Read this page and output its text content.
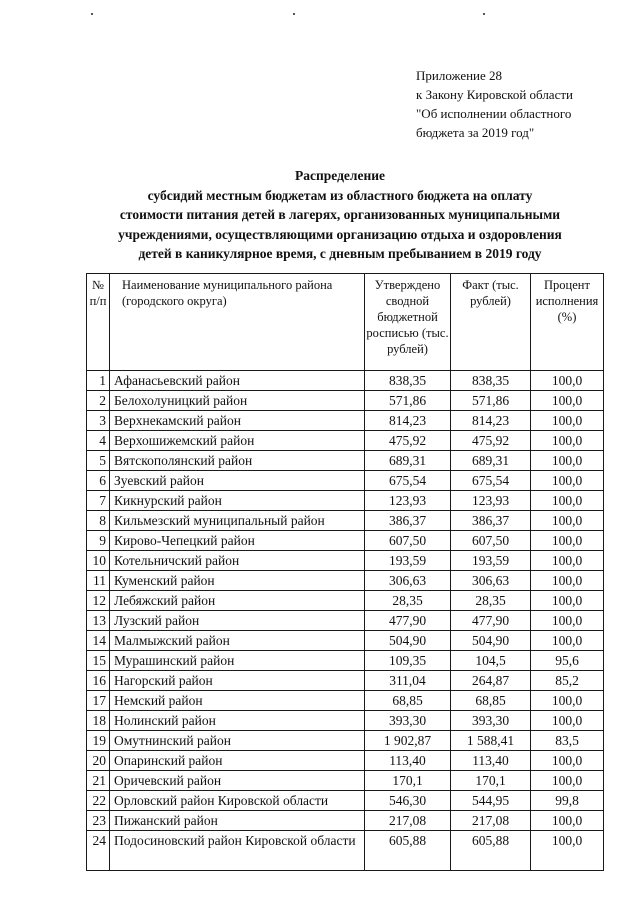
Приложение 28
к Закону Кировской области
"Об исполнении областного
бюджета за 2019 год"
Распределение
субсидий местным бюджетам из областного бюджета на оплату
стоимости питания детей в лагерях, организованных муниципальными
учреждениями, осуществляющими организацию отдыха и оздоровления
детей в каникулярное время, с дневным пребыванием в 2019 году
№ п/п	Наименование муниципального района (городского округа)	Утверждено сводной бюджетной росписью (тыс. рублей)	Факт (тыс. рублей)	Процент исполнения (%)
1	Афанасьевский район	838,35	838,35	100,0
2	Белохолуницкий район	571,86	571,86	100,0
3	Верхнекамский район	814,23	814,23	100,0
4	Верхошижемский район	475,92	475,92	100,0
5	Вятскополянский район	689,31	689,31	100,0
6	Зуевский район	675,54	675,54	100,0
7	Кикнурский район	123,93	123,93	100,0
8	Кильмезский муниципальный район	386,37	386,37	100,0
9	Кирово-Чепецкий район	607,50	607,50	100,0
10	Котельничский район	193,59	193,59	100,0
11	Куменский район	306,63	306,63	100,0
12	Лебяжский район	28,35	28,35	100,0
13	Лузский район	477,90	477,90	100,0
14	Малмыжский район	504,90	504,90	100,0
15	Мурашинский район	109,35	104,5	95,6
16	Нагорский район	311,04	264,87	85,2
17	Немский район	68,85	68,85	100,0
18	Нолинский район	393,30	393,30	100,0
19	Омутнинский район	1 902,87	1 588,41	83,5
20	Опаринский район	113,40	113,40	100,0
21	Оричевский район	170,1	170,1	100,0
22	Орловский район Кировской области	546,30	544,95	99,8
23	Пижанский район	217,08	217,08	100,0
24	Подосиновский район Кировской области	605,88	605,88	100,0
